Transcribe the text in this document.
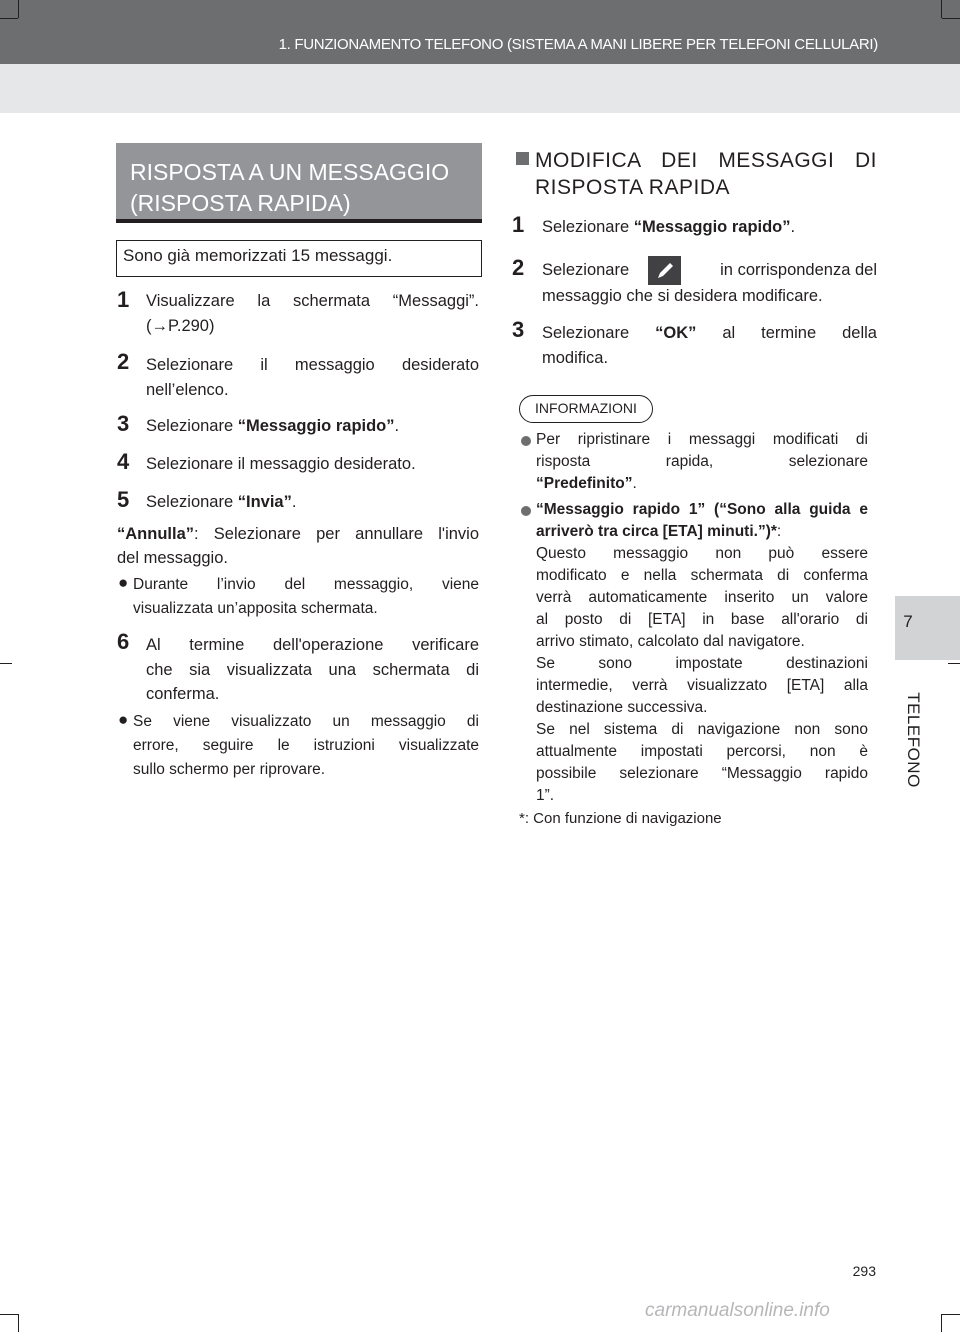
1. FUNZIONAMENTO TELEFONO (SISTEMA A MANI LIBERE PER TELEFONI CELLULARI)
7
TELEFONO
RISPOSTA A UN MESSAGGIO
(RISPOSTA RAPIDA)
Sono già memorizzati 15 messaggi.
1 Visualizzare la schermata “Messaggi”.
(→P.290)
2 Selezionare il messaggio desiderato
nell’elenco.
3 Selezionare “Messaggio rapido”.
4 Selezionare il messaggio desiderato.
5 Selezionare “Invia”.
“Annulla”: Selezionare per annullare l'invio
del messaggio.
● Durante l’invio del messaggio, viene
visualizzata un’apposita schermata.
6 Al termine dell'operazione verificare
che sia visualizzata una schermata di
conferma.
● Se viene visualizzato un messaggio di
errore, seguire le istruzioni visualizzate
sullo schermo per riprovare.
MODIFICA DEI MESSAGGI DI
RISPOSTA RAPIDA
1 Selezionare “Messaggio rapido”.
2 Selezionare	in corrispondenza del
messaggio che si desidera modificare.
3 Selezionare “OK” al termine della
modifica.
INFORMAZIONI
Per ripristinare i messaggi modificati di
risposta rapida, selezionare
“Predefinito”.
“Messaggio rapido 1” (“Sono alla guida e
arriverò tra circa [ETA] minuti.”)*:
Questo messaggio non può essere
modificato e nella schermata di conferma
verrà automaticamente inserito un valore
al posto di [ETA] in base all'orario di
arrivo stimato, calcolato dal navigatore.
Se sono impostate destinazioni
intermedie, verrà visualizzato [ETA] alla
destinazione successiva.
Se nel sistema di navigazione non sono
attualmente impostati percorsi, non è
possibile selezionare “Messaggio rapido
1”.
*: Con funzione di navigazione
293
carmanualsonline.info
